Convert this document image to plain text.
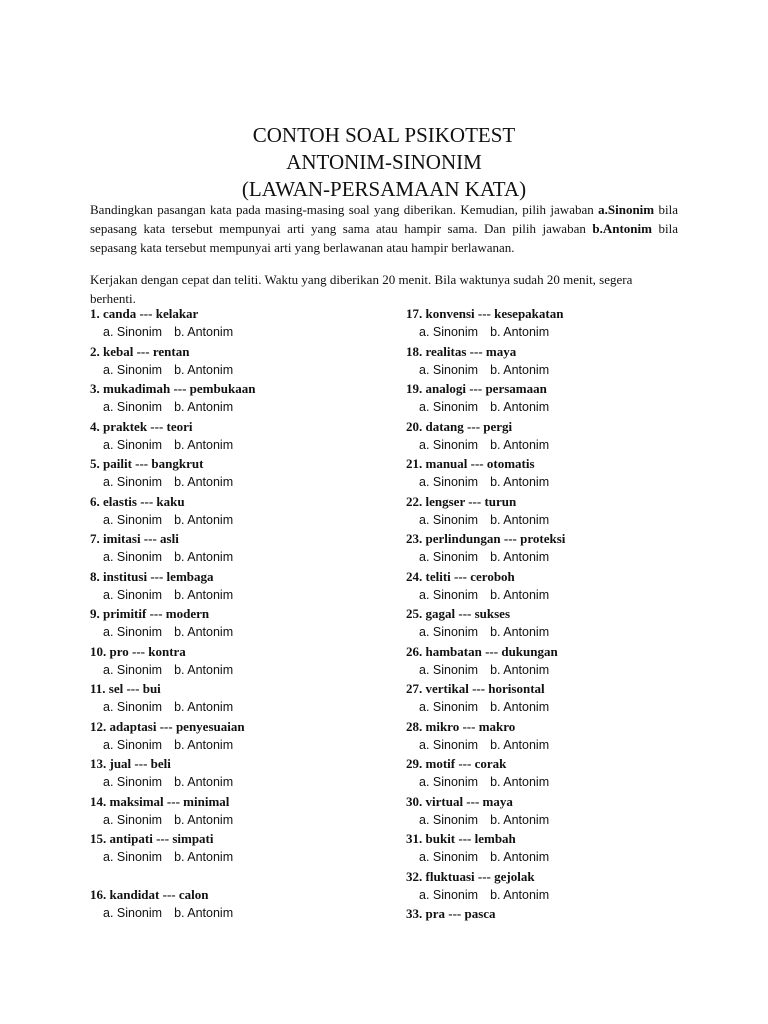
CONTOH SOAL PSIKOTEST
ANTONIM-SINONIM
(LAWAN-PERSAMAAN KATA)
Bandingkan pasangan kata pada masing-masing soal yang diberikan. Kemudian, pilih jawaban a.Sinonim bila sepasang kata tersebut mempunyai arti yang sama atau hampir sama. Dan pilih jawaban b.Antonim bila sepasang kata tersebut mempunyai arti yang berlawanan atau hampir berlawanan.
Kerjakan dengan cepat dan teliti. Waktu yang diberikan 20 menit. Bila waktunya sudah 20 menit, segera berhenti.
1. canda --- kelakar
a. Sinonim b. Antonim
2. kebal --- rentan
a. Sinonim b. Antonim
3. mukadimah --- pembukaan
a. Sinonim b. Antonim
4. praktek --- teori
a. Sinonim b. Antonim
5. pailit --- bangkrut
a. Sinonim b. Antonim
6. elastis --- kaku
a. Sinonim b. Antonim
7. imitasi --- asli
a. Sinonim b. Antonim
8. institusi --- lembaga
a. Sinonim b. Antonim
9. primitif --- modern
a. Sinonim b. Antonim
10. pro --- kontra
a. Sinonim b. Antonim
11. sel --- bui
a. Sinonim b. Antonim
12. adaptasi --- penyesuaian
a. Sinonim b. Antonim
13. jual --- beli
a. Sinonim b. Antonim
14. maksimal --- minimal
a. Sinonim b. Antonim
15. antipati --- simpati
a. Sinonim b. Antonim
16. kandidat --- calon
a. Sinonim b. Antonim
17. konvensi --- kesepakatan
a. Sinonim b. Antonim
18. realitas --- maya
a. Sinonim b. Antonim
19. analogi --- persamaan
a. Sinonim b. Antonim
20. datang --- pergi
a. Sinonim b. Antonim
21. manual --- otomatis
a. Sinonim b. Antonim
22. lengser --- turun
a. Sinonim b. Antonim
23. perlindungan --- proteksi
a. Sinonim b. Antonim
24. teliti --- ceroboh
a. Sinonim b. Antonim
25. gagal --- sukses
a. Sinonim b. Antonim
26. hambatan --- dukungan
a. Sinonim b. Antonim
27. vertikal --- horisontal
a. Sinonim b. Antonim
28. mikro --- makro
a. Sinonim b. Antonim
29. motif --- corak
a. Sinonim b. Antonim
30. virtual --- maya
a. Sinonim b. Antonim
31. bukit --- lembah
a. Sinonim b. Antonim
32. fluktuasi --- gejolak
a. Sinonim b. Antonim
33. pra --- pasca
